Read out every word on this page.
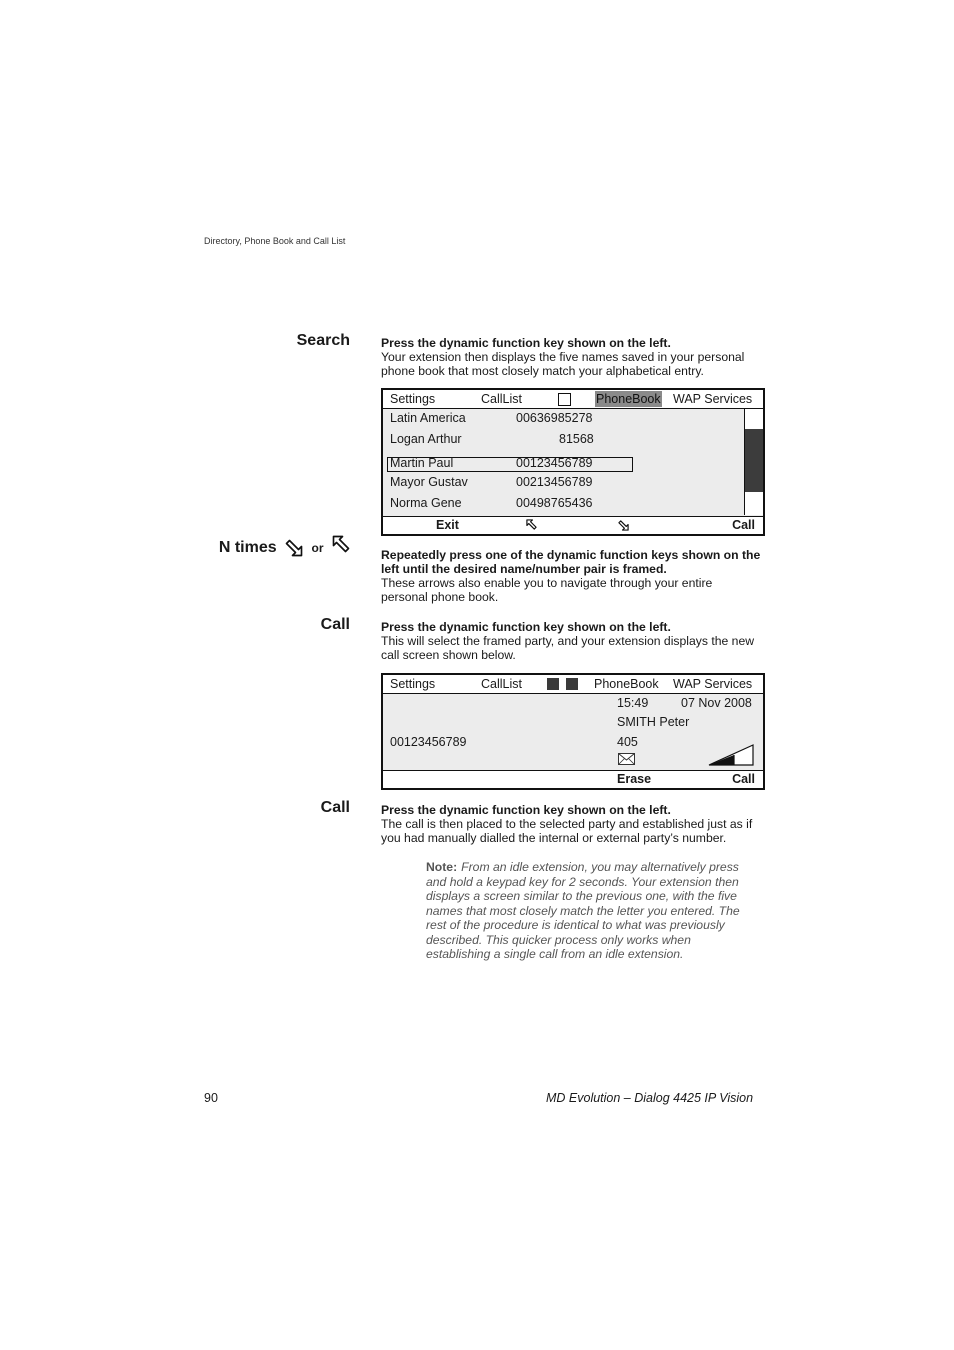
Directory, Phone Book and Call List
Search	Press the dynamic function key shown on the left.
Your extension then displays the five names saved in your personal phone book that most closely match your alphabetical entry.
Settings	CallList	PhoneBook WAP Services
Latin America	00636985278
Logan Arthur	81568
Martin Paul	00123456789
Mayor Gustav	00213456789
Norma Gene	00498765436
Exit	Call
N times	or	Repeatedly press one of the dynamic function keys shown on the left until the desired name/number pair is framed.
These arrows also enable you to navigate through your entire personal phone book.
Call	Press the dynamic function key shown on the left.
This will select the framed party, and your extension displays the new call screen shown below.
Settings	CallList	PhoneBook WAP Services
15:49	07 Nov 2008
SMITH Peter
00123456789	405
Erase	Call
Call	Press the dynamic function key shown on the left.
The call is then placed to the selected party and established just as if you had manually dialled the internal or external party’s number.
Note: From an idle extension, you may alternatively press and hold a keypad key for 2 seconds. Your extension then displays a screen similar to the previous one, with the five names that most closely match the letter you entered. The rest of the procedure is identical to what was previously described. This quicker process only works when establishing a single call from an idle extension.
90	MD Evolution – Dialog 4425 IP Vision
